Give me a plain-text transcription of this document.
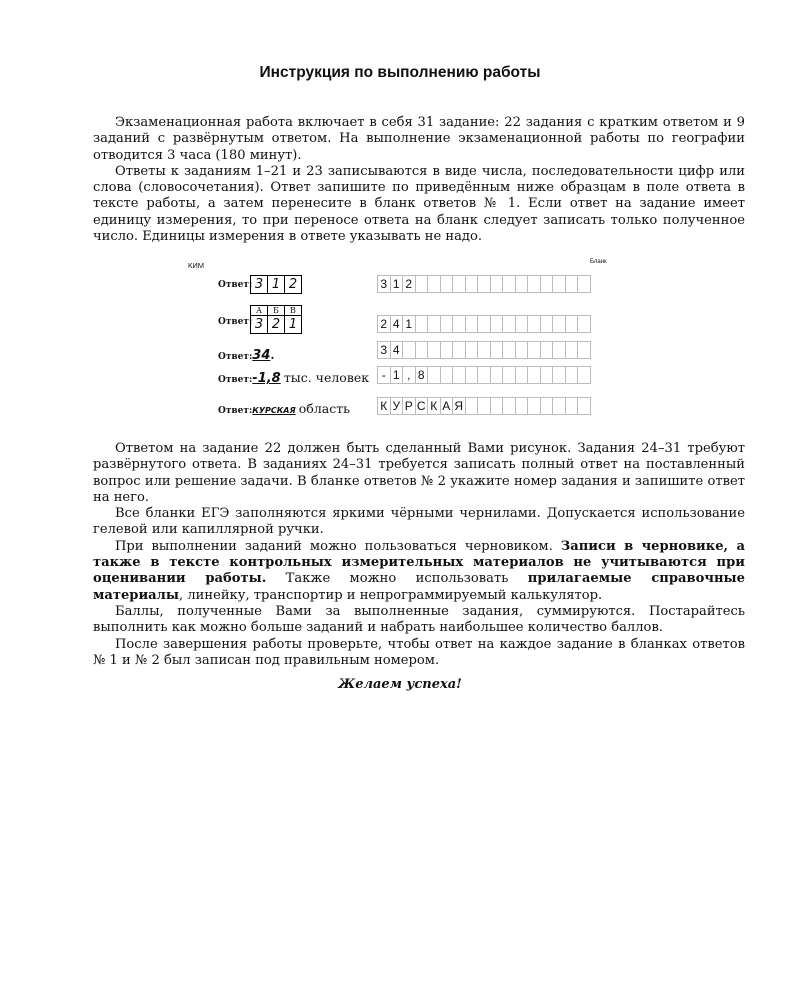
Инструкция по выполнению работы

Экзаменационная работа включает в себя 31 задание: 22 задания с кратким ответом и 9 заданий с развёрнутым ответом. На выполнение экзаменационной работы по географии отводится 3 часа (180 минут).

Ответы к заданиям 1–21 и 23 записываются в виде числа, последовательности цифр или слова (словосочетания). Ответ запишите по приведённым ниже образцам в поле ответа в тексте работы, а затем перенесите в бланк ответов № 1. Если ответ на задание имеет единицу измерения, то при переносе ответа на бланк следует записать только полученное число. Единицы измерения в ответе указывать не надо.

КИМ	Бланк
Ответ: 3 1 2	3 1 2
Ответ:
А	Б	В
3 2 1	2 4 1
Ответ:34.	3 4
Ответ:-1,8 тыс. человек	- 1 , 8
Ответ:КУРСКАЯ область	К У Р С К А Я

Ответом на задание 22 должен быть сделанный Вами рисунок. Задания 24–31 требуют развёрнутого ответа. В заданиях 24–31 требуется записать полный ответ на поставленный вопрос или решение задачи. В бланке ответов № 2 укажите номер задания и запишите ответ на него.

Все бланки ЕГЭ заполняются яркими чёрными чернилами. Допускается использование гелевой или капиллярной ручки.

При выполнении заданий можно пользоваться черновиком. Записи в черновике, а также в тексте контрольных измерительных материалов не учитываются при оценивании работы. Также можно использовать прилагаемые справочные материалы, линейку, транспортир и непрограммируемый калькулятор.

Баллы, полученные Вами за выполненные задания, суммируются. Постарайтесь выполнить как можно больше заданий и набрать наибольшее количество баллов.

После завершения работы проверьте, чтобы ответ на каждое задание в бланках ответов № 1 и № 2 был записан под правильным номером.

Желаем успеха!
